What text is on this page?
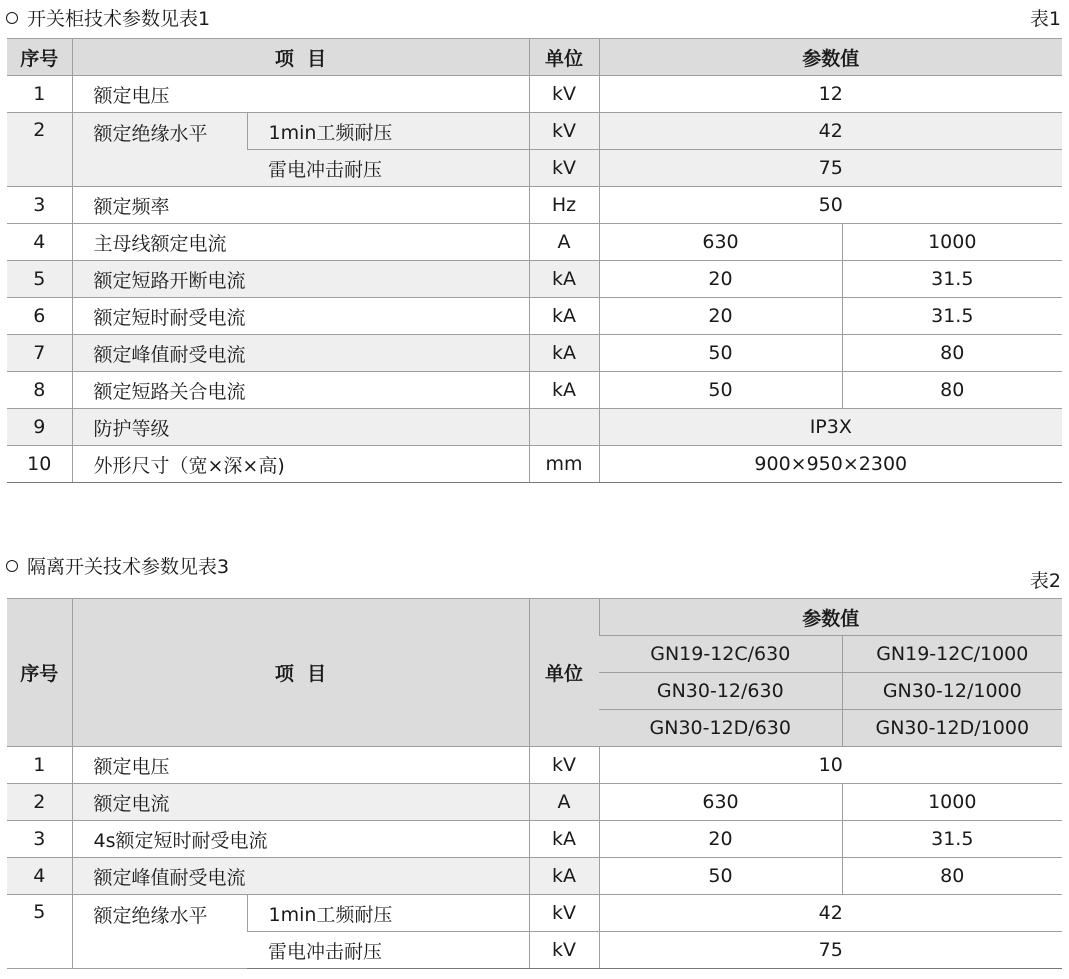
开关柜技术参数见表1	表1
序号	项  目		单位	参数值	
1	额定电压		kV	12	
2	额定绝缘水平	1min工频耐压	kV	42	
		雷电冲击耐压	kV	75	
3	额定频率		Hz	50	
4	主母线额定电流		A	630	1000
5	额定短路开断电流		kA	20	31.5
6	额定短时耐受电流		kA	20	31.5
7	额定峰值耐受电流		kA	50	80
8	额定短路关合电流		kA	50	80
9	防护等级			IP3X	
10	外形尺寸（宽×深×高)		mm	900×950×2300	
隔离开关技术参数见表3
表2
序号	项  目		单位	参数值	
				GN19-12C/630	GN19-12C/1000
				GN30-12/630	GN30-12/1000
				GN30-12D/630	GN30-12D/1000
1	额定电压		kV	10	
2	额定电流		A	630	1000
3	4s额定短时耐受电流		kA	20	31.5
4	额定峰值耐受电流		kA	50	80
5	额定绝缘水平	1min工频耐压	kV	42	
		雷电冲击耐压	kV	75	
